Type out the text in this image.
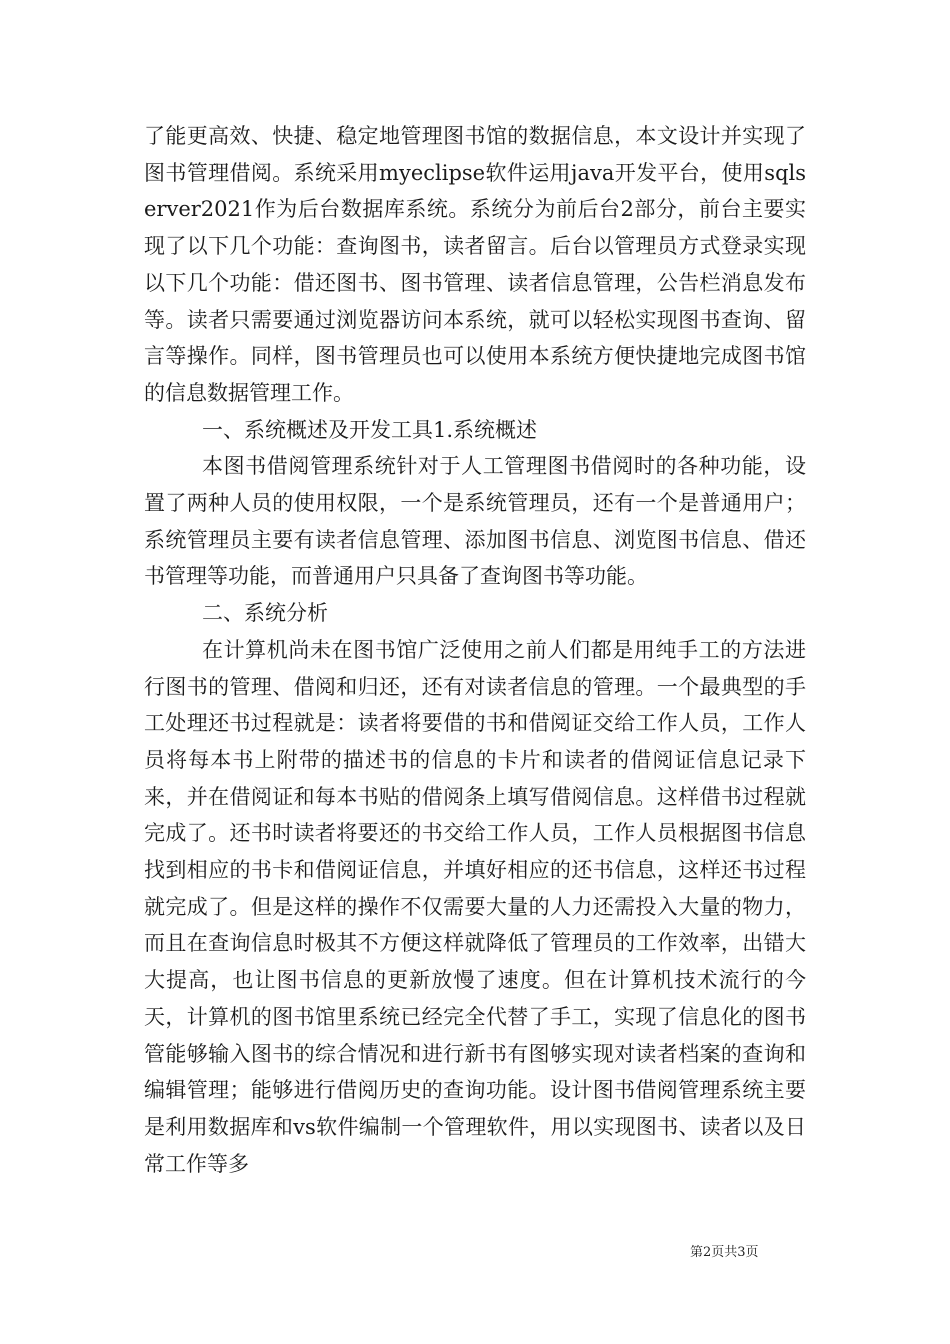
了能更高效、快捷、稳定地管理图书馆的数据信息，本文设计并实现了图书管理借阅。系统采用myeclipse软件运用java开发平台，使用sqlserver2021作为后台数据库系统。系统分为前后台2部分，前台主要实现了以下几个功能：查询图书，读者留言。后台以管理员方式登录实现以下几个功能：借还图书、图书管理、读者信息管理，公告栏消息发布等。读者只需要通过浏览器访问本系统，就可以轻松实现图书查询、留言等操作。同样，图书管理员也可以使用本系统方便快捷地完成图书馆的信息数据管理工作。

一、系统概述及开发工具1.系统概述

本图书借阅管理系统针对于人工管理图书借阅时的各种功能，设置了两种人员的使用权限，一个是系统管理员，还有一个是普通用户；系统管理员主要有读者信息管理、添加图书信息、浏览图书信息、借还书管理等功能，而普通用户只具备了查询图书等功能。

二、系统分析

在计算机尚未在图书馆广泛使用之前人们都是用纯手工的方法进行图书的管理、借阅和归还，还有对读者信息的管理。一个最典型的手工处理还书过程就是：读者将要借的书和借阅证交给工作人员，工作人员将每本书上附带的描述书的信息的卡片和读者的借阅证信息记录下来，并在借阅证和每本书贴的借阅条上填写借阅信息。这样借书过程就完成了。还书时读者将要还的书交给工作人员，工作人员根据图书信息找到相应的书卡和借阅证信息，并填好相应的还书信息，这样还书过程就完成了。但是这样的操作不仅需要大量的人力还需投入大量的物力，而且在查询信息时极其不方便这样就降低了管理员的工作效率，出错大大提高，也让图书信息的更新放慢了速度。但在计算机技术流行的今天，计算机的图书馆里系统已经完全代替了手工，实现了信息化的图书管能够输入图书的综合情况和进行新书有图够实现对读者档案的查询和编辑管理；能够进行借阅历史的查询功能。设计图书借阅管理系统主要是利用数据库和vs软件编制一个管理软件，用以实现图书、读者以及日常工作等多

第2页共3页
